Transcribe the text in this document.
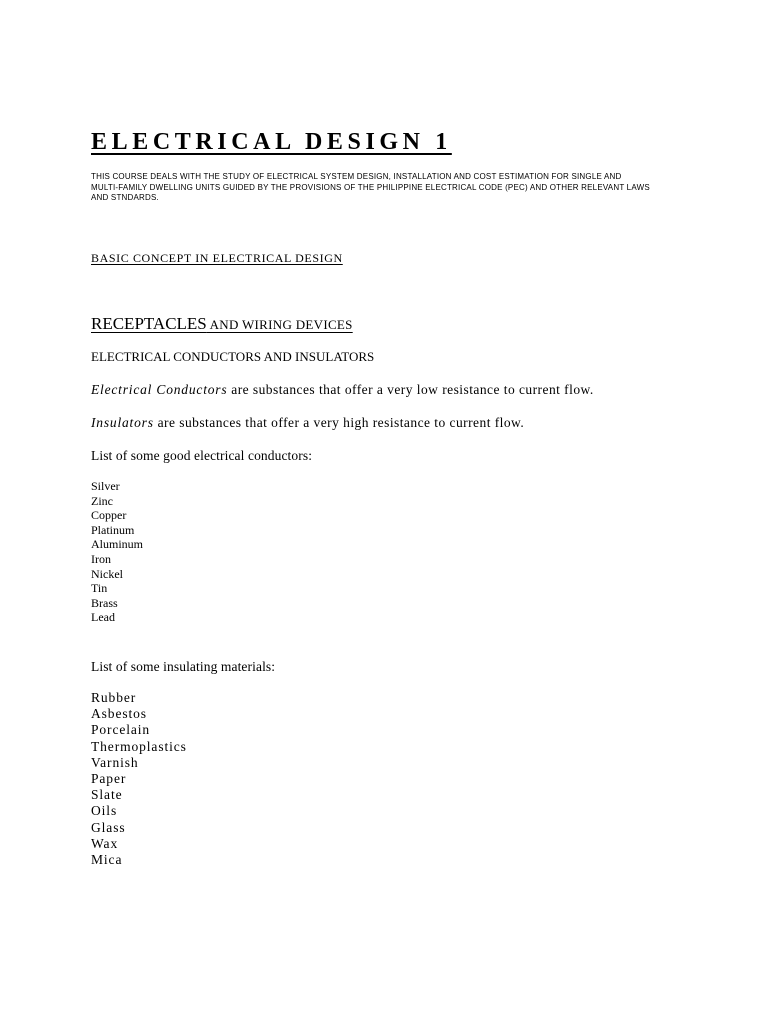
ELECTRICAL DESIGN 1

THIS COURSE DEALS WITH THE STUDY OF ELECTRICAL SYSTEM DESIGN, INSTALLATION AND COST ESTIMATION FOR SINGLE AND MULTI-FAMILY DWELLING UNITS GUIDED BY THE PROVISIONS OF THE PHILIPPINE ELECTRICAL CODE (PEC) AND OTHER RELEVANT LAWS AND STNDARDS.

BASIC CONCEPT IN ELECTRICAL DESIGN

RECEPTACLES AND WIRING DEVICES

ELECTRICAL CONDUCTORS AND INSULATORS

Electrical Conductors are substances that offer a very low resistance to current flow.

Insulators are substances that offer a very high resistance to current flow.

List of some good electrical conductors:

Silver
Zinc
Copper
Platinum
Aluminum
Iron
Nickel
Tin
Brass
Lead

List of some insulating materials:

Rubber
Asbestos
Porcelain
Thermoplastics
Varnish
Paper
Slate
Oils
Glass
Wax
Mica
